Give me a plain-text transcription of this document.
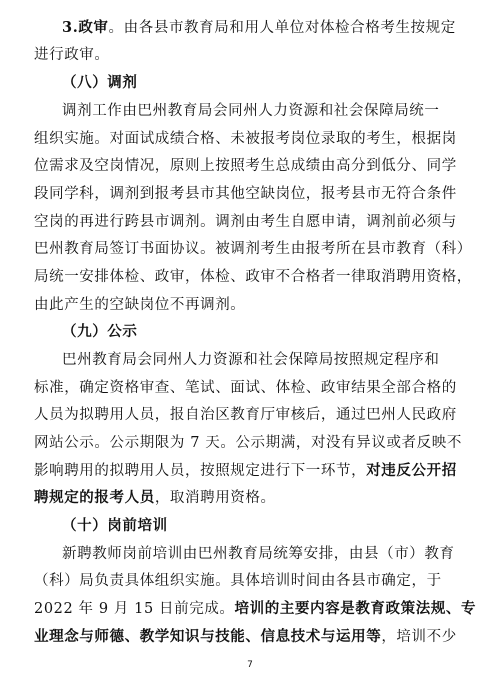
3.政审。由各县市教育局和用人单位对体检合格考生按规定
进行政审。
（八）调剂
调剂工作由巴州教育局会同州人力资源和社会保障局统一
组织实施。对面试成绩合格、未被报考岗位录取的考生，根据岗
位需求及空岗情况，原则上按照考生总成绩由高分到低分、同学
段同学科，调剂到报考县市其他空缺岗位，报考县市无符合条件
空岗的再进行跨县市调剂。调剂由考生自愿申请，调剂前必须与
巴州教育局签订书面协议。被调剂考生由报考所在县市教育（科）
局统一安排体检、政审，体检、政审不合格者一律取消聘用资格，
由此产生的空缺岗位不再调剂。
（九）公示
巴州教育局会同州人力资源和社会保障局按照规定程序和
标准，确定资格审查、笔试、面试、体检、政审结果全部合格的
人员为拟聘用人员，报自治区教育厅审核后，通过巴州人民政府
网站公示。公示期限为 7 天。公示期满，对没有异议或者反映不
影响聘用的拟聘用人员，按照规定进行下一环节，对违反公开招
聘规定的报考人员，取消聘用资格。
（十）岗前培训
新聘教师岗前培训由巴州教育局统筹安排，由县（市）教育
（科）局负责具体组织实施。具体培训时间由各县市确定，于
2022 年 9 月 15 日前完成。培训的主要内容是教育政策法规、专
业理念与师德、教学知识与技能、信息技术与运用等，培训不少
7
